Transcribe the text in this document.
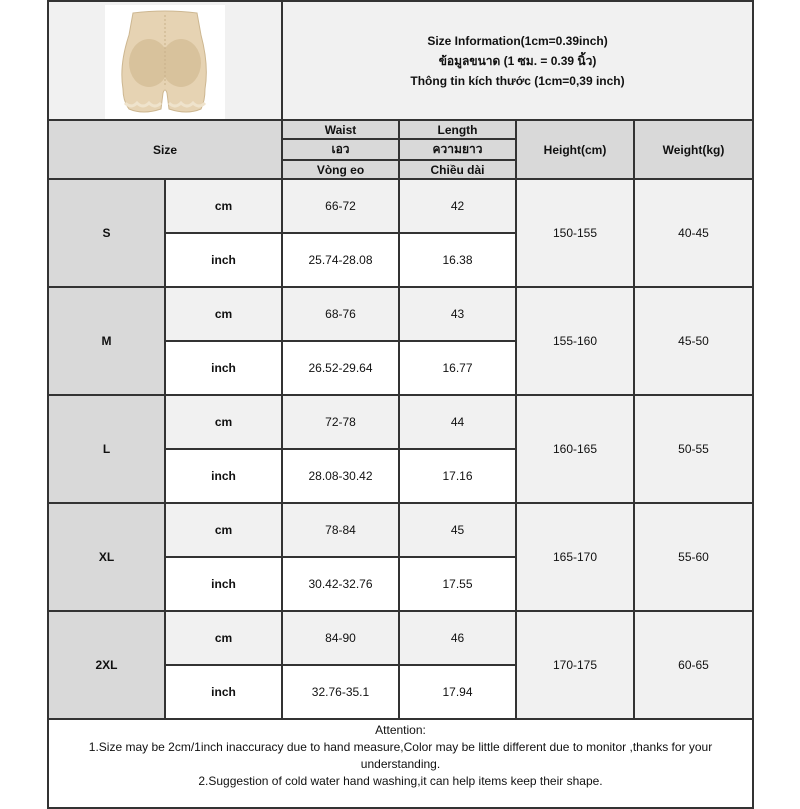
Size Information(1cm=0.39inch)
ข้อมูลขนาด (1 ซม. = 0.39 นิ้ว)
Thông tin kích thước (1cm=0,39 inch)			

Size		Waist	Length	Height(cm)	Weight(kg)
		เอว	ความยาว		
		Vòng eo	Chiều dài		
S	cm	66-72	42	150-155	40-45
	inch	25.74-28.08	16.38		
M	cm	68-76	43	155-160	45-50
	inch	26.52-29.64	16.77		
L	cm	72-78	44	160-165	50-55
	inch	28.08-30.42	17.16		
XL	cm	78-84	45	165-170	55-60
	inch	30.42-32.76	17.55		
2XL	cm	84-90	46	170-175	60-65
	inch	32.76-35.1	17.94		

Attention:
1.Size may be 2cm/1inch inaccuracy due to hand measure,Color may be little different due to monitor ,thanks for your understanding.
2.Suggestion of cold water hand washing,it can help items keep their shape.					
